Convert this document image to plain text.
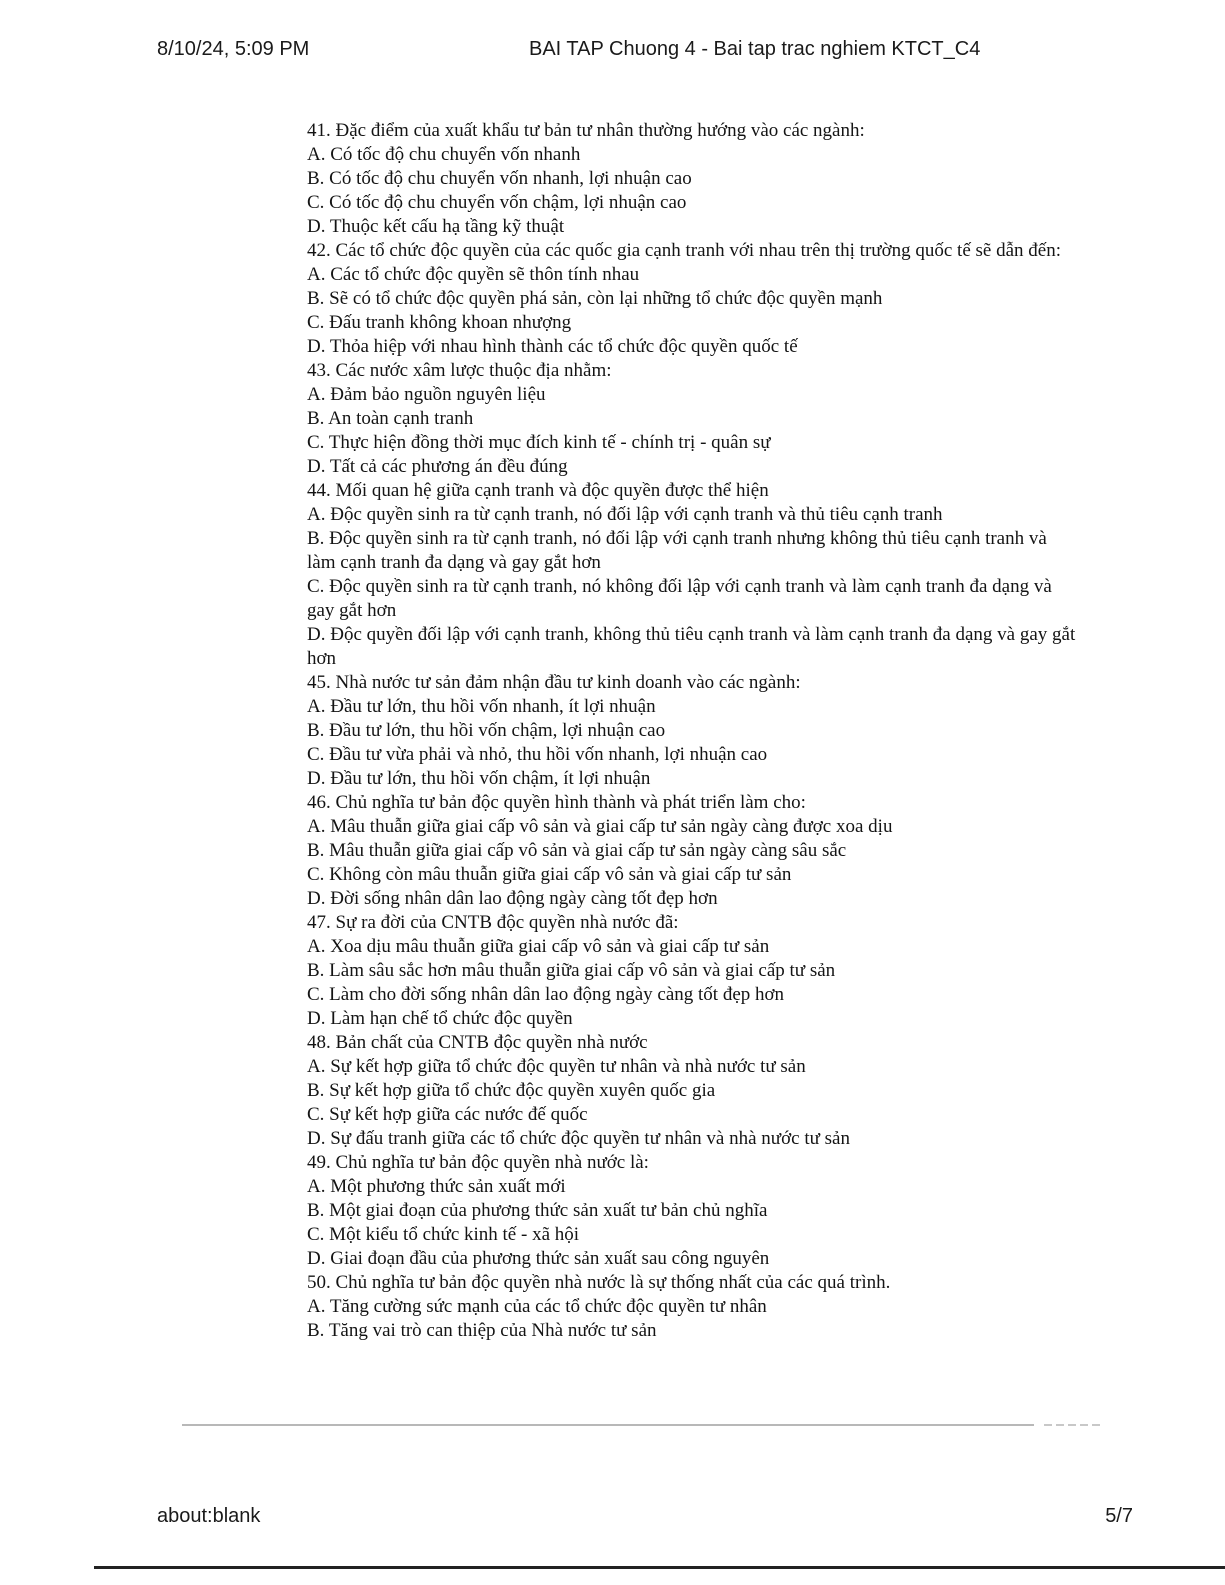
8/10/24, 5:09 PM	BAI TAP Chuong 4 - Bai tap trac nghiem KTCT_C4
41. Đặc điểm của xuất khẩu tư bản tư nhân thường hướng vào các ngành:
A. Có tốc độ chu chuyển vốn nhanh
B. Có tốc độ chu chuyển vốn nhanh, lợi nhuận cao
C. Có tốc độ chu chuyển vốn chậm, lợi nhuận cao
D. Thuộc kết cấu hạ tầng kỹ thuật
42. Các tổ chức độc quyền của các quốc gia cạnh tranh với nhau trên thị trường quốc tế sẽ dẫn đến:
A. Các tổ chức độc quyền sẽ thôn tính nhau
B. Sẽ có tổ chức độc quyền phá sản, còn lại những tổ chức độc quyền mạnh
C. Đấu tranh không khoan nhượng
D. Thỏa hiệp với nhau hình thành các tổ chức độc quyền quốc tế
43. Các nước xâm lược thuộc địa nhằm:
A. Đảm bảo nguồn nguyên liệu
B. An toàn cạnh tranh
C. Thực hiện đồng thời mục đích kinh tế - chính trị - quân sự
D. Tất cả các phương án đều đúng
44. Mối quan hệ giữa cạnh tranh và độc quyền được thể hiện
A. Độc quyền sinh ra từ cạnh tranh, nó đối lập với cạnh tranh và thủ tiêu cạnh tranh
B. Độc quyền sinh ra từ cạnh tranh, nó đối lập với cạnh tranh nhưng không thủ tiêu cạnh tranh và làm cạnh tranh đa dạng và gay gắt hơn
C. Độc quyền sinh ra từ cạnh tranh, nó không đối lập với cạnh tranh và làm cạnh tranh đa dạng và gay gắt hơn
D. Độc quyền đối lập với cạnh tranh, không thủ tiêu cạnh tranh và làm cạnh tranh đa dạng và gay gắt hơn
45. Nhà nước tư sản đảm nhận đầu tư kinh doanh vào các ngành:
A. Đầu tư lớn, thu hồi vốn nhanh, ít lợi nhuận
B. Đầu tư lớn, thu hồi vốn chậm, lợi nhuận cao
C. Đầu tư vừa phải và nhỏ, thu hồi vốn nhanh, lợi nhuận cao
D. Đầu tư lớn, thu hồi vốn chậm, ít lợi nhuận
46. Chủ nghĩa tư bản độc quyền hình thành và phát triển làm cho:
A. Mâu thuẫn giữa giai cấp vô sản và giai cấp tư sản ngày càng được xoa dịu
B. Mâu thuẫn giữa giai cấp vô sản và giai cấp tư sản ngày càng sâu sắc
C. Không còn mâu thuẫn giữa giai cấp vô sản và giai cấp tư sản
D. Đời sống nhân dân lao động ngày càng tốt đẹp hơn
47. Sự ra đời của CNTB độc quyền nhà nước đã:
A. Xoa dịu mâu thuẫn giữa giai cấp vô sản và giai cấp tư sản
B. Làm sâu sắc hơn mâu thuẫn giữa giai cấp vô sản và giai cấp tư sản
C. Làm cho đời sống nhân dân lao động ngày càng tốt đẹp hơn
D. Làm hạn chế tổ chức độc quyền
48. Bản chất của CNTB độc quyền nhà nước
A. Sự kết hợp giữa tổ chức độc quyền tư nhân và nhà nước tư sản
B. Sự kết hợp giữa tổ chức độc quyền xuyên quốc gia
C. Sự kết hợp giữa các nước đế quốc
D. Sự đấu tranh giữa các tổ chức độc quyền tư nhân và nhà nước tư sản
49. Chủ nghĩa tư bản độc quyền nhà nước là:
A. Một phương thức sản xuất mới
B. Một giai đoạn của phương thức sản xuất tư bản chủ nghĩa
C. Một kiểu tổ chức kinh tế - xã hội
D. Giai đoạn đầu của phương thức sản xuất sau công nguyên
50. Chủ nghĩa tư bản độc quyền nhà nước là sự thống nhất của các quá trình.
A. Tăng cường sức mạnh của các tổ chức độc quyền tư nhân
B. Tăng vai trò can thiệp của Nhà nước tư sản
about:blank	5/7
